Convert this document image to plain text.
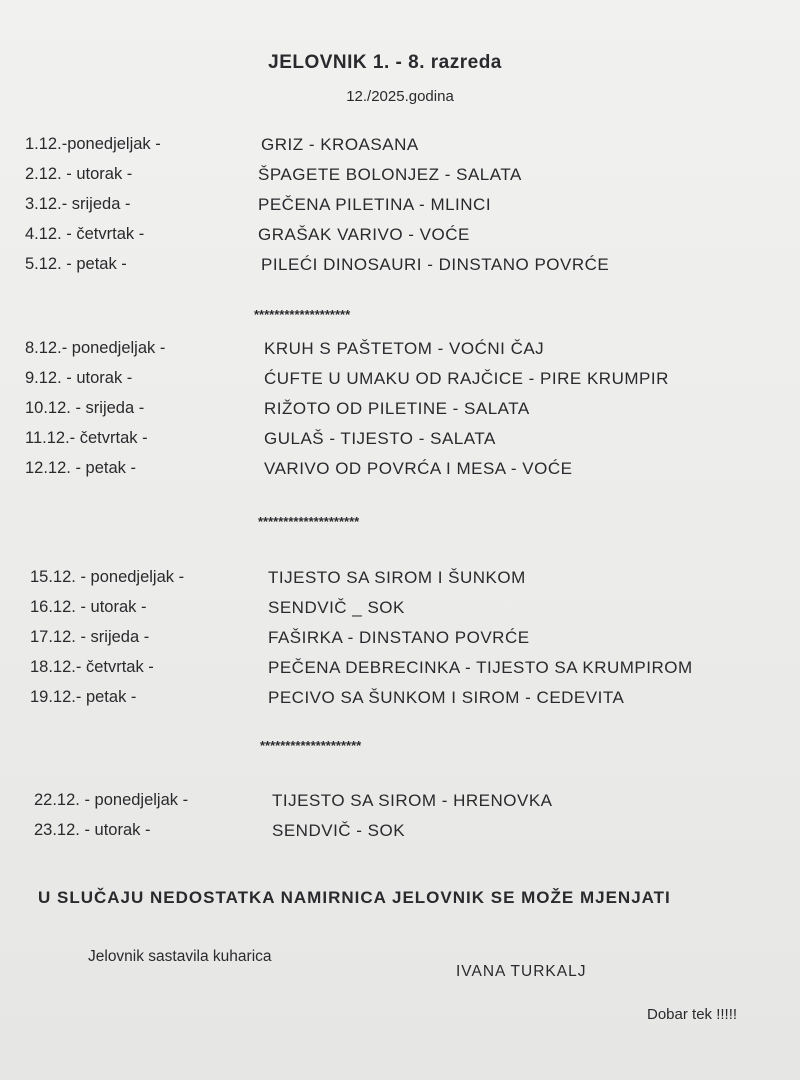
JELOVNIK 1. - 8. razreda
12./2025.godina
1.12.-ponedjeljak -	GRIZ - KROASANA
2.12. - utorak -	ŠPAGETE BOLONJEZ - SALATA
3.12.- srijeda -	PEČENA PILETINA - MLINCI
4.12. - četvrtak -	GRAŠAK VARIVO - VOĆE
5.12. - petak -	PILEĆI DINOSAURI - DINSTANO POVRĆE
*******************
8.12.- ponedjeljak -	KRUH S PAŠTETOM - VOĆNI ČAJ
9.12. - utorak -	ĆUFTE U UMAKU OD RAJČICE - PIRE KRUMPIR
10.12. - srijeda -	RIŽOTO OD PILETINE - SALATA
11.12.- četvrtak -	GULAŠ - TIJESTO - SALATA
12.12. - petak -	VARIVO OD POVRĆA I MESA - VOĆE
********************
15.12. - ponedjeljak -	TIJESTO SA SIROM I ŠUNKOM
16.12. - utorak -	SENDVIČ _ SOK
17.12. - srijeda -	FAŠIRKA - DINSTANO POVRĆE
18.12.- četvrtak -	PEČENA DEBRECINKA - TIJESTO SA KRUMPIROM
19.12.- petak -	PECIVO SA ŠUNKOM I SIROM - CEDEVITA
********************
22.12. - ponedjeljak -	TIJESTO SA SIROM - HRENOVKA
23.12. - utorak -	SENDVIČ - SOK
U SLUČAJU NEDOSTATKA NAMIRNICA JELOVNIK SE MOŽE MJENJATI
Jelovnik sastavila kuharica
IVANA TURKALJ
Dobar tek !!!!!
